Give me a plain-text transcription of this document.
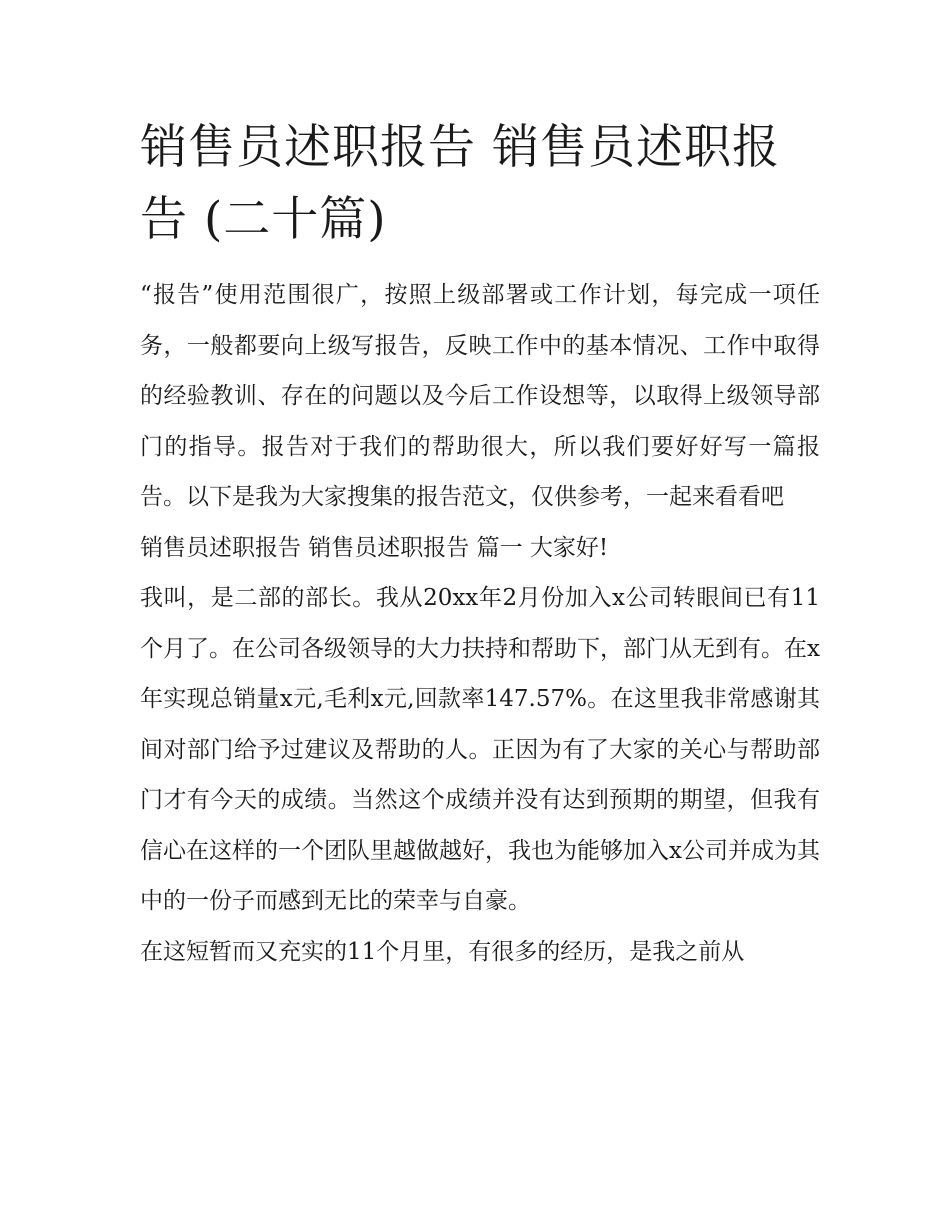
销售员述职报告 销售员述职报告 (二十篇)

“报告”使用范围很广，按照上级部署或工作计划，每完成一项任务，一般都要向上级写报告，反映工作中的基本情况、工作中取得的经验教训、存在的问题以及今后工作设想等，以取得上级领导部门的指导。报告对于我们的帮助很大，所以我们要好好写一篇报告。以下是我为大家搜集的报告范文，仅供参考，一起来看看吧

销售员述职报告 销售员述职报告 篇一 大家好!

我叫，是二部的部长。我从20xx年2月份加入x公司转眼间已有11个月了。在公司各级领导的大力扶持和帮助下，部门从无到有。在x年实现总销量x元,毛利x元,回款率147.57%。在这里我非常感谢其间对部门给予过建议及帮助的人。正因为有了大家的关心与帮助部门才有今天的成绩。当然这个成绩并没有达到预期的期望，但我有信心在这样的一个团队里越做越好，我也为能够加入x公司并成为其中的一份子而感到无比的荣幸与自豪。

在这短暂而又充实的11个月里，有很多的经历，是我之前从
